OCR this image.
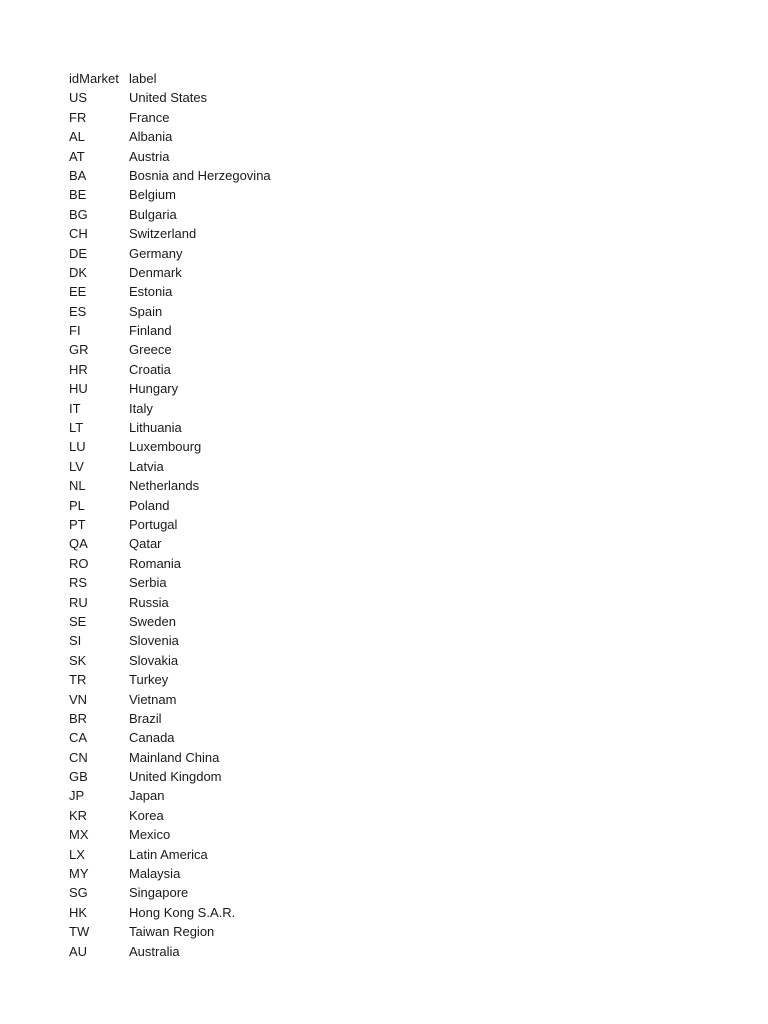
idMarket label
US	United States
FR	France
AL	Albania
AT	Austria
BA	Bosnia and Herzegovina
BE	Belgium
BG	Bulgaria
CH	Switzerland
DE	Germany
DK	Denmark
EE	Estonia
ES	Spain
FI	Finland
GR	Greece
HR	Croatia
HU	Hungary
IT	Italy
LT	Lithuania
LU	Luxembourg
LV	Latvia
NL	Netherlands
PL	Poland
PT	Portugal
QA	Qatar
RO	Romania
RS	Serbia
RU	Russia
SE	Sweden
SI	Slovenia
SK	Slovakia
TR	Turkey
VN	Vietnam
BR	Brazil
CA	Canada
CN	Mainland China
GB	United Kingdom
JP	Japan
KR	Korea
MX	Mexico
LX	Latin America
MY	Malaysia
SG	Singapore
HK	Hong Kong S.A.R.
TW	Taiwan Region
AU	Australia
